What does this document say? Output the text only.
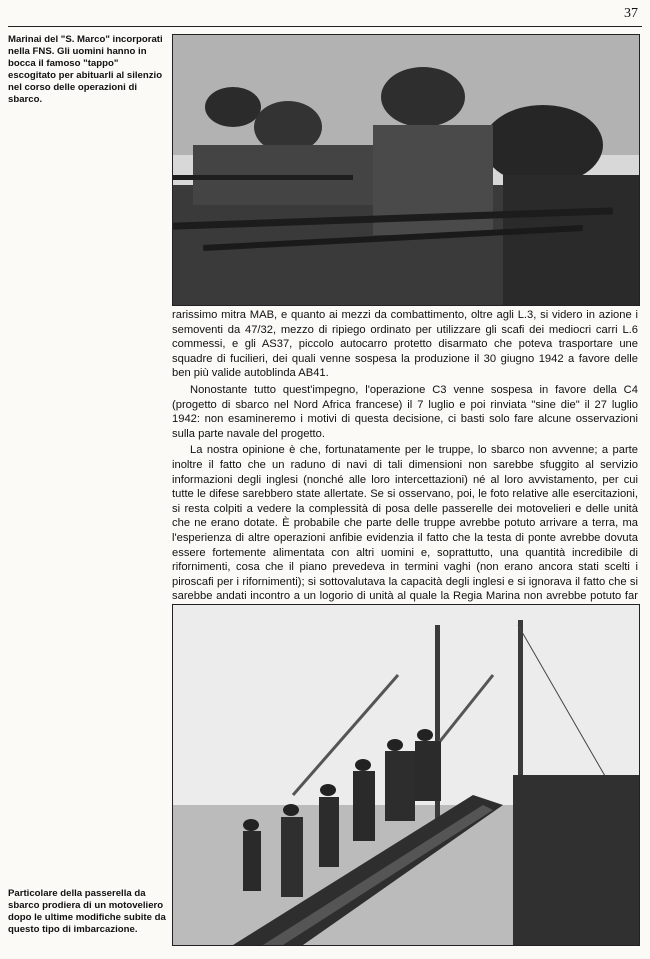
37
Marinai del "S. Marco" incorporati nella FNS. Gli uomini hanno in bocca il famoso "tappo" escogitato per abituarli al silenzio nel corso delle operazioni di sbarco.

rarissimo mitra MAB, e quanto ai mezzi da combattimento, oltre agli L.3, si videro in azione i semoventi da 47/32, mezzo di ripiego ordinato per utilizzare gli scafi dei mediocri carri L.6 commessi, e gli AS37, piccolo autocarro protetto disarmato che poteva trasportare une squadre di fucilieri, dei quali venne sospesa la produzione il 30 giugno 1942 a favore delle ben più valide autoblinda AB41.

Nonostante tutto quest'impegno, l'operazione C3 venne sospesa in favore della C4 (progetto di sbarco nel Nord Africa francese) il 7 luglio e poi rinviata "sine die" il 27 luglio 1942: non esamineremo i motivi di questa decisione, ci basti solo fare alcune osservazioni sulla parte navale del progetto.

La nostra opinione è che, fortunatamente per le truppe, lo sbarco non avvenne; a parte inoltre il fatto che un raduno di navi di tali dimensioni non sarebbe sfuggito al servizio informazioni degli inglesi (nonché alle loro intercettazioni) né al loro avvistamento, per cui tutte le difese sarebbero state allertate. Se si osservano, poi, le foto relative alle esercitazioni, si resta colpiti a vedere la complessità di posa delle passerelle dei motovelieri e delle unità che ne erano dotate. È probabile che parte delle truppe avrebbe potuto arrivare a terra, ma l'esperienza di altre operazioni anfibie evidenzia il fatto che la testa di ponte avrebbe dovuta essere fortemente alimentata con altri uomini e, soprattutto, una quantità incredibile di rifornimenti, cosa che il piano prevedeva in termini vaghi (non erano ancora stati scelti i piroscafi per i rifornimenti); si sottovalutava la capacità degli inglesi e si ignorava il fatto che si sarebbe andati incontro a un logorio di unità al quale la Regia Marina non avrebbe potuto far

Particolare della passerella da sbarco prodiera di un motoveliero dopo le ultime modifiche subite da questo tipo di imbarcazione.
